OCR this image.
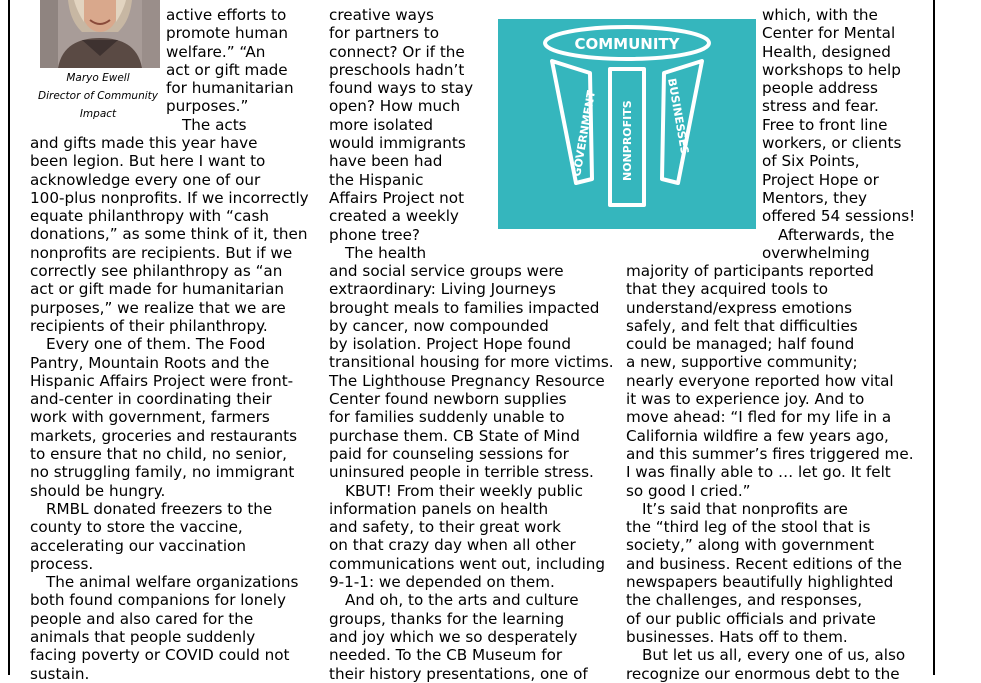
Maryo Ewell
Director of Community
Impact
active efforts to
promote human
welfare.” “An
act or gift made
for humanitarian
purposes.”
The acts
and gifts made this year have
been legion. But here I want to
acknowledge every one of our
100-plus nonprofits. If we incorrectly
equate philanthropy with “cash
donations,” as some think of it, then
nonprofits are recipients. But if we
correctly see philanthropy as “an
act or gift made for humanitarian
purposes,” we realize that we are
recipients of their philanthropy.
Every one of them. The Food
Pantry, Mountain Roots and the
Hispanic Affairs Project were front-
and-center in coordinating their
work with government, farmers
markets, groceries and restaurants
to ensure that no child, no senior,
no struggling family, no immigrant
should be hungry.
RMBL donated freezers to the
county to store the vaccine,
accelerating our vaccination
process.
The animal welfare organizations
both found companions for lonely
people and also cared for the
animals that people suddenly
facing poverty or COVID could not
sustain.
COMMUNITY
GOVERNMENT NONPROFITS	BUSINESSES
creative ways
for partners to
connect? Or if the
preschools hadn’t
found ways to stay
open? How much
more isolated
would immigrants
have been had
the Hispanic
Affairs Project not
created a weekly
phone tree?
The health
and social service groups were
extraordinary: Living Journeys
brought meals to families impacted
by cancer, now compounded
by isolation. Project Hope found
transitional housing for more victims.
The Lighthouse Pregnancy Resource
Center found newborn supplies
for families suddenly unable to
purchase them. CB State of Mind
paid for counseling sessions for
uninsured people in terrible stress.
KBUT! From their weekly public
information panels on health
and safety, to their great work
on that crazy day when all other
communications went out, including
9-1-1: we depended on them.
And oh, to the arts and culture
groups, thanks for the learning
and joy which we so desperately
needed. To the CB Museum for
their history presentations, one of
which, with the
Center for Mental
Health, designed
workshops to help
people address
stress and fear.
Free to front line
workers, or clients
of Six Points,
Project Hope or
Mentors, they
offered 54 sessions!
Afterwards, the
overwhelming
majority of participants reported
that they acquired tools to
understand/express emotions
safely, and felt that difficulties
could be managed; half found
a new, supportive community;
nearly everyone reported how vital
it was to experience joy. And to
move ahead: “I fled for my life in a
California wildfire a few years ago,
and this summer’s fires triggered me.
I was finally able to … let go. It felt
so good I cried.”
It’s said that nonprofits are
the “third leg of the stool that is
society,” along with government
and business. Recent editions of the
newspapers beautifully highlighted
the challenges, and responses,
of our public officials and private
businesses. Hats off to them.
But let us all, every one of us, also
recognize our enormous debt to the
